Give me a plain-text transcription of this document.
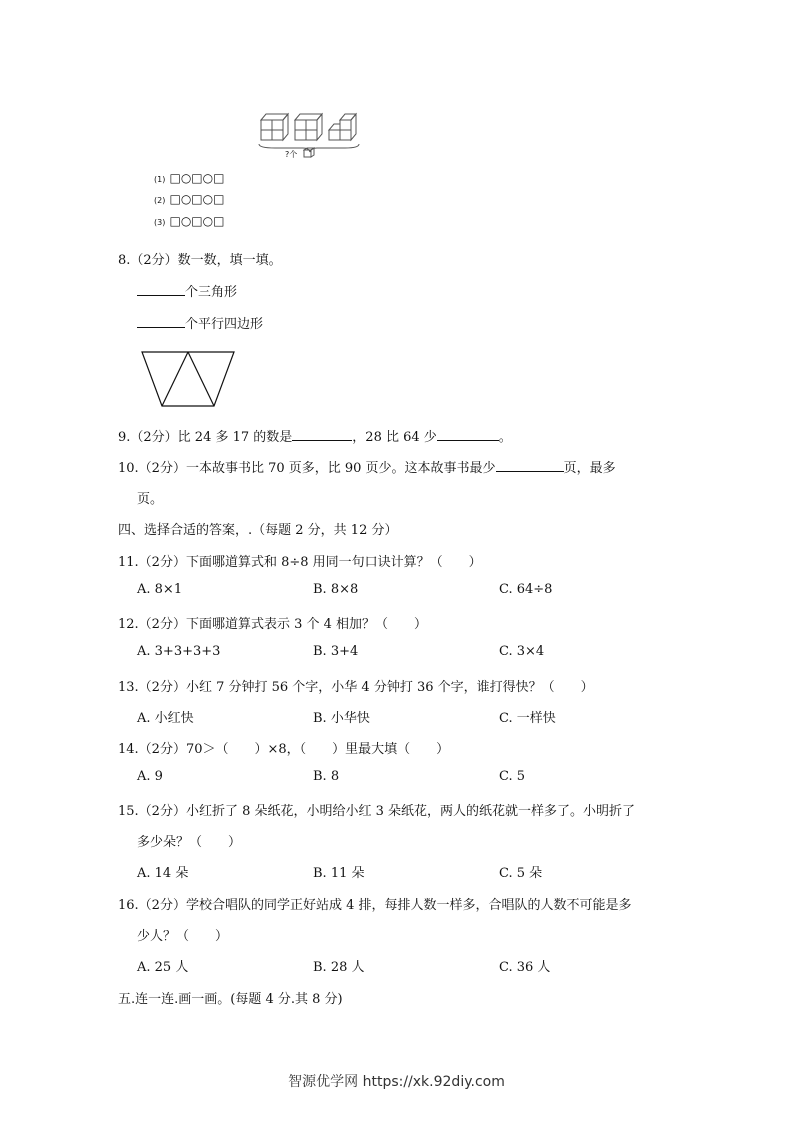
?个
(1) □○□○□
(2) □○□○□
(3) □○□○□
8.（2分）数一数，填一填。
个三角形
个平行四边形
9.（2分）比 24 多 17 的数是	，28 比 64 少	。
10.（2分）一本故事书比 70 页多，比 90 页少。这本故事书最少	页，最多
页。
四、选择合适的答案，.（每题 2 分，共 12 分）
11.（2分）下面哪道算式和 8÷8 用同一句口诀计算？（　　）
A. 8×1	B. 8×8	C. 64÷8
12.（2分）下面哪道算式表示 3 个 4 相加？（　　）
A. 3+3+3+3	B. 3+4	C. 3×4
13.（2分）小红 7 分钟打 56 个字，小华 4 分钟打 36 个字，谁打得快？（　　）
A. 小红快	B. 小华快	C. 一样快
14.（2分）70＞（　　）×8，（　　）里最大填（　　）
A. 9	B. 8	C. 5
15.（2分）小红折了 8 朵纸花，小明给小红 3 朵纸花，两人的纸花就一样多了。小明折了
多少朵？（　　）
A. 14 朵	B. 11 朵	C. 5 朵
16.（2分）学校合唱队的同学正好站成 4 排，每排人数一样多，合唱队的人数不可能是多
少人？（　　）
A. 25 人	B. 28 人	C. 36 人
五.连一连.画一画。(每题 4 分.其 8 分)
智源优学网 https://xk.92diy.com
